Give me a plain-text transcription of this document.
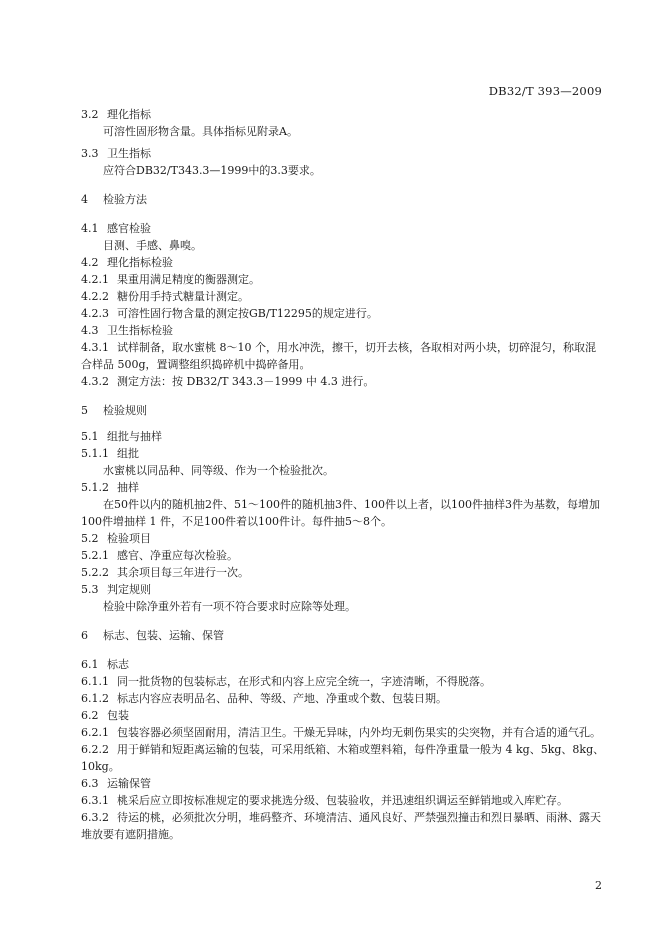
DB32/T 393—2009
3.2 理化指标
可溶性固形物含量。具体指标见附录A。
3.3 卫生指标
应符合DB32/T343.3—1999中的3.3要求。
4 检验方法
4.1 感官检验
目测、手感、鼻嗅。
4.2 理化指标检验
4.2.1 果重用满足精度的衡器测定。
4.2.2 糖份用手持式糖量计测定。
4.2.3 可溶性固行物含量的测定按GB/T12295的规定进行。
4.3 卫生指标检验
4.3.1 试样制备，取水蜜桃 8～10 个，用水冲洗，擦干，切开去核，各取相对两小块，切碎混匀，称取混合样品 500g，置调整组织捣碎机中捣碎备用。
4.3.2 测定方法：按 DB32/T 343.3－1999 中 4.3 进行。
5 检验规则
5.1 组批与抽样
5.1.1 组批
水蜜桃以同品种、同等级、作为一个检验批次。
5.1.2 抽样
在50件以内的随机抽2件、51～100件的随机抽3件、100件以上者，以100件抽样3件为基数，每增加100件增抽样 1 件，不足100件着以100件计。每件抽5～8个。
5.2 检验项目
5.2.1 感官、净重应每次检验。
5.2.2 其余项目每三年进行一次。
5.3 判定规则
检验中除净重外若有一项不符合要求时应除等处理。
6 标志、包装、运输、保管
6.1 标志
6.1.1 同一批货物的包装标志，在形式和内容上应完全统一，字迹清晰，不得脱落。
6.1.2 标志内容应表明品名、品种、等级、产地、净重或个数、包装日期。
6.2 包装
6.2.1 包装容器必须坚固耐用，清洁卫生。干燥无异味，内外均无刺伤果实的尖突物，并有合适的通气孔。
6.2.2 用于鲜销和短距离运输的包装，可采用纸箱、木箱或塑料箱，每件净重量一般为 4 kg、5kg、8kg、10kg。
6.3 运输保管
6.3.1 桃采后应立即按标准规定的要求挑选分级、包装验收，并迅速组织调运至鲜销地或入库贮存。
6.3.2 待运的桃，必须批次分明，堆码整齐、环境清洁、通风良好、严禁强烈撞击和烈日暴晒、雨淋、露天堆放要有遮阴措施。
2
